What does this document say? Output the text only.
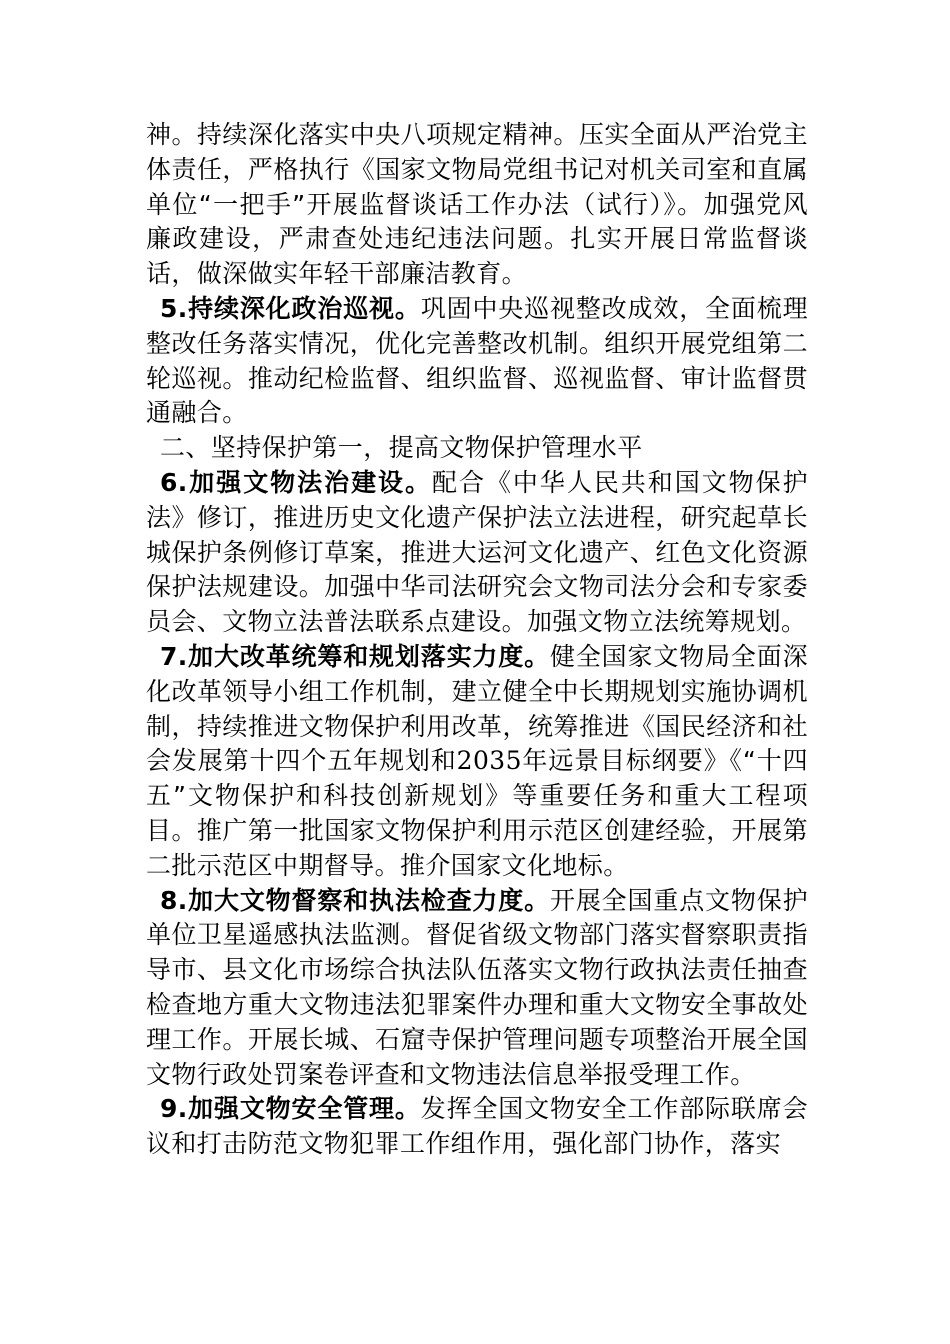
神。持续深化落实中央八项规定精神。压实全面从严治党主体责任，严格执行《国家文物局党组书记对机关司室和直属单位“一把手”开展监督谈话工作办法（试行）》。加强党风廉政建设，严肃查处违纪违法问题。扎实开展日常监督谈话，做深做实年轻干部廉洁教育。

5.持续深化政治巡视。巩固中央巡视整改成效，全面梳理整改任务落实情况，优化完善整改机制。组织开展党组第二轮巡视。推动纪检监督、组织监督、巡视监督、审计监督贯通融合。

二、坚持保护第一，提高文物保护管理水平

6.加强文物法治建设。配合《中华人民共和国文物保护法》修订，推进历史文化遗产保护法立法进程，研究起草长城保护条例修订草案，推进大运河文化遗产、红色文化资源保护法规建设。加强中华司法研究会文物司法分会和专家委员会、文物立法普法联系点建设。加强文物立法统筹规划。

7.加大改革统筹和规划落实力度。健全国家文物局全面深化改革领导小组工作机制，建立健全中长期规划实施协调机制，持续推进文物保护利用改革，统筹推进《国民经济和社会发展第十四个五年规划和2035年远景目标纲要》《“十四五”文物保护和科技创新规划》等重要任务和重大工程项目。推广第一批国家文物保护利用示范区创建经验，开展第二批示范区中期督导。推介国家文化地标。

8.加大文物督察和执法检查力度。开展全国重点文物保护单位卫星遥感执法监测。督促省级文物部门落实督察职责指导市、县文化市场综合执法队伍落实文物行政执法责任抽查检查地方重大文物违法犯罪案件办理和重大文物安全事故处理工作。开展长城、石窟寺保护管理问题专项整治开展全国文物行政处罚案卷评查和文物违法信息举报受理工作。

9.加强文物安全管理。发挥全国文物安全工作部际联席会议和打击防范文物犯罪工作组作用，强化部门协作，落实
